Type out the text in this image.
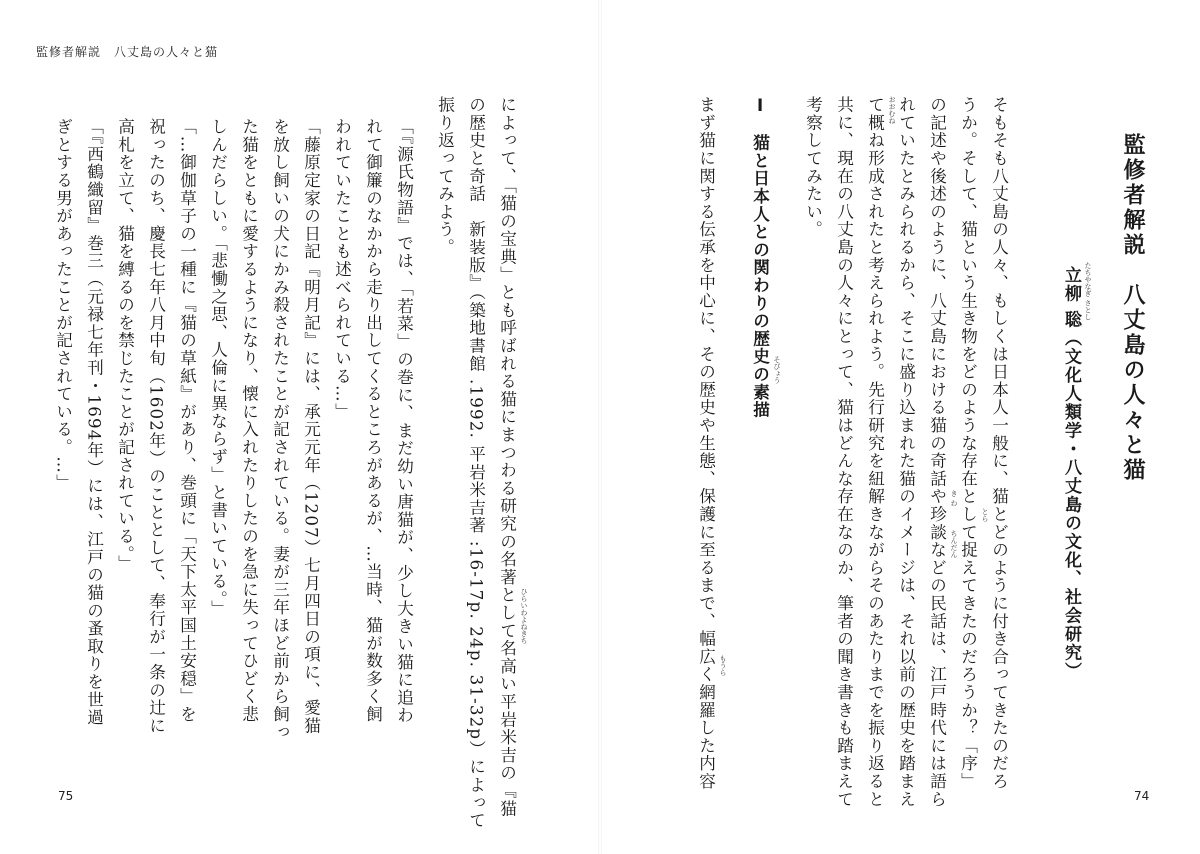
監修者解説　八丈島の人々と猫
75	74
監修者解説　八丈島の人々と猫
立柳 聡（文化人類学・八丈島の文化、社会研究） たちやなぎ さとし
そもそも八丈島の人々、もしくは日本人一般に、猫とどのように付き合ってきたのだろ
うか。そして、猫という生き物をどのような存在として捉えてきたのだろうか？「序」 とら
の記述や後述のように、八丈島における猫の奇話や珍談などの民話は、江戸時代には語ら き わ
ちんだん
れていたとみられるから、そこに盛り込まれた猫のイメージは、それ以前の歴史を踏まえ
て概ね形成されたと考えられよう。先行研究を紐解きながらそのあたりまでを振り返ると おおむね
共に、現在の八丈島の人々にとって、猫はどんな存在なのか、筆者の聞き書きも踏まえて
考察してみたい。
Ⅰ　猫と日本人との関わりの歴史の素描 そびょう
まず猫に関する伝承を中心に、その歴史や生態、保護に至るまで、幅広く網羅した内容 もうら
によって、「猫の宝典」とも呼ばれる猫にまつわる研究の名著として名高い平岩米吉の『猫 ひらいわよねきち
の歴史と奇話　新装版』（築地書館 .1992. 平岩米吉著 :16-17p. 24p. 31-32p）によって
振り返ってみよう。
「『源氏物語』では、「若菜」の巻に、まだ幼い唐猫が、少し大きい猫に追わ
れて御簾のなかから走り出してくるところがあるが、…当時、猫が数多く飼
われていたことも述べられている…」
「藤原定家の日記『明月記』には、承元元年（1207）七月四日の項に、愛猫
を放し飼いの犬にかみ殺されたことが記されている。妻が三年ほど前から飼っ
た猫をともに愛するようになり、懐に入れたりしたのを急に失ってひどく悲
しんだらしい。「悲慟之思、人倫に異ならず」と書いている。」
「…御伽草子の一種に『猫の草紙』があり、巻頭に「天下太平国土安穏」を
祝ったのち、慶長七年八月中旬（1602年）のこととして、奉行が一条の辻に
高札を立て、猫を縛るのを禁じたことが記されている。」
「『西鶴織留』巻三（元禄七年刊・1694年）には、江戸の猫の蚤取りを世過
ぎとする男があったことが記されている。…」
